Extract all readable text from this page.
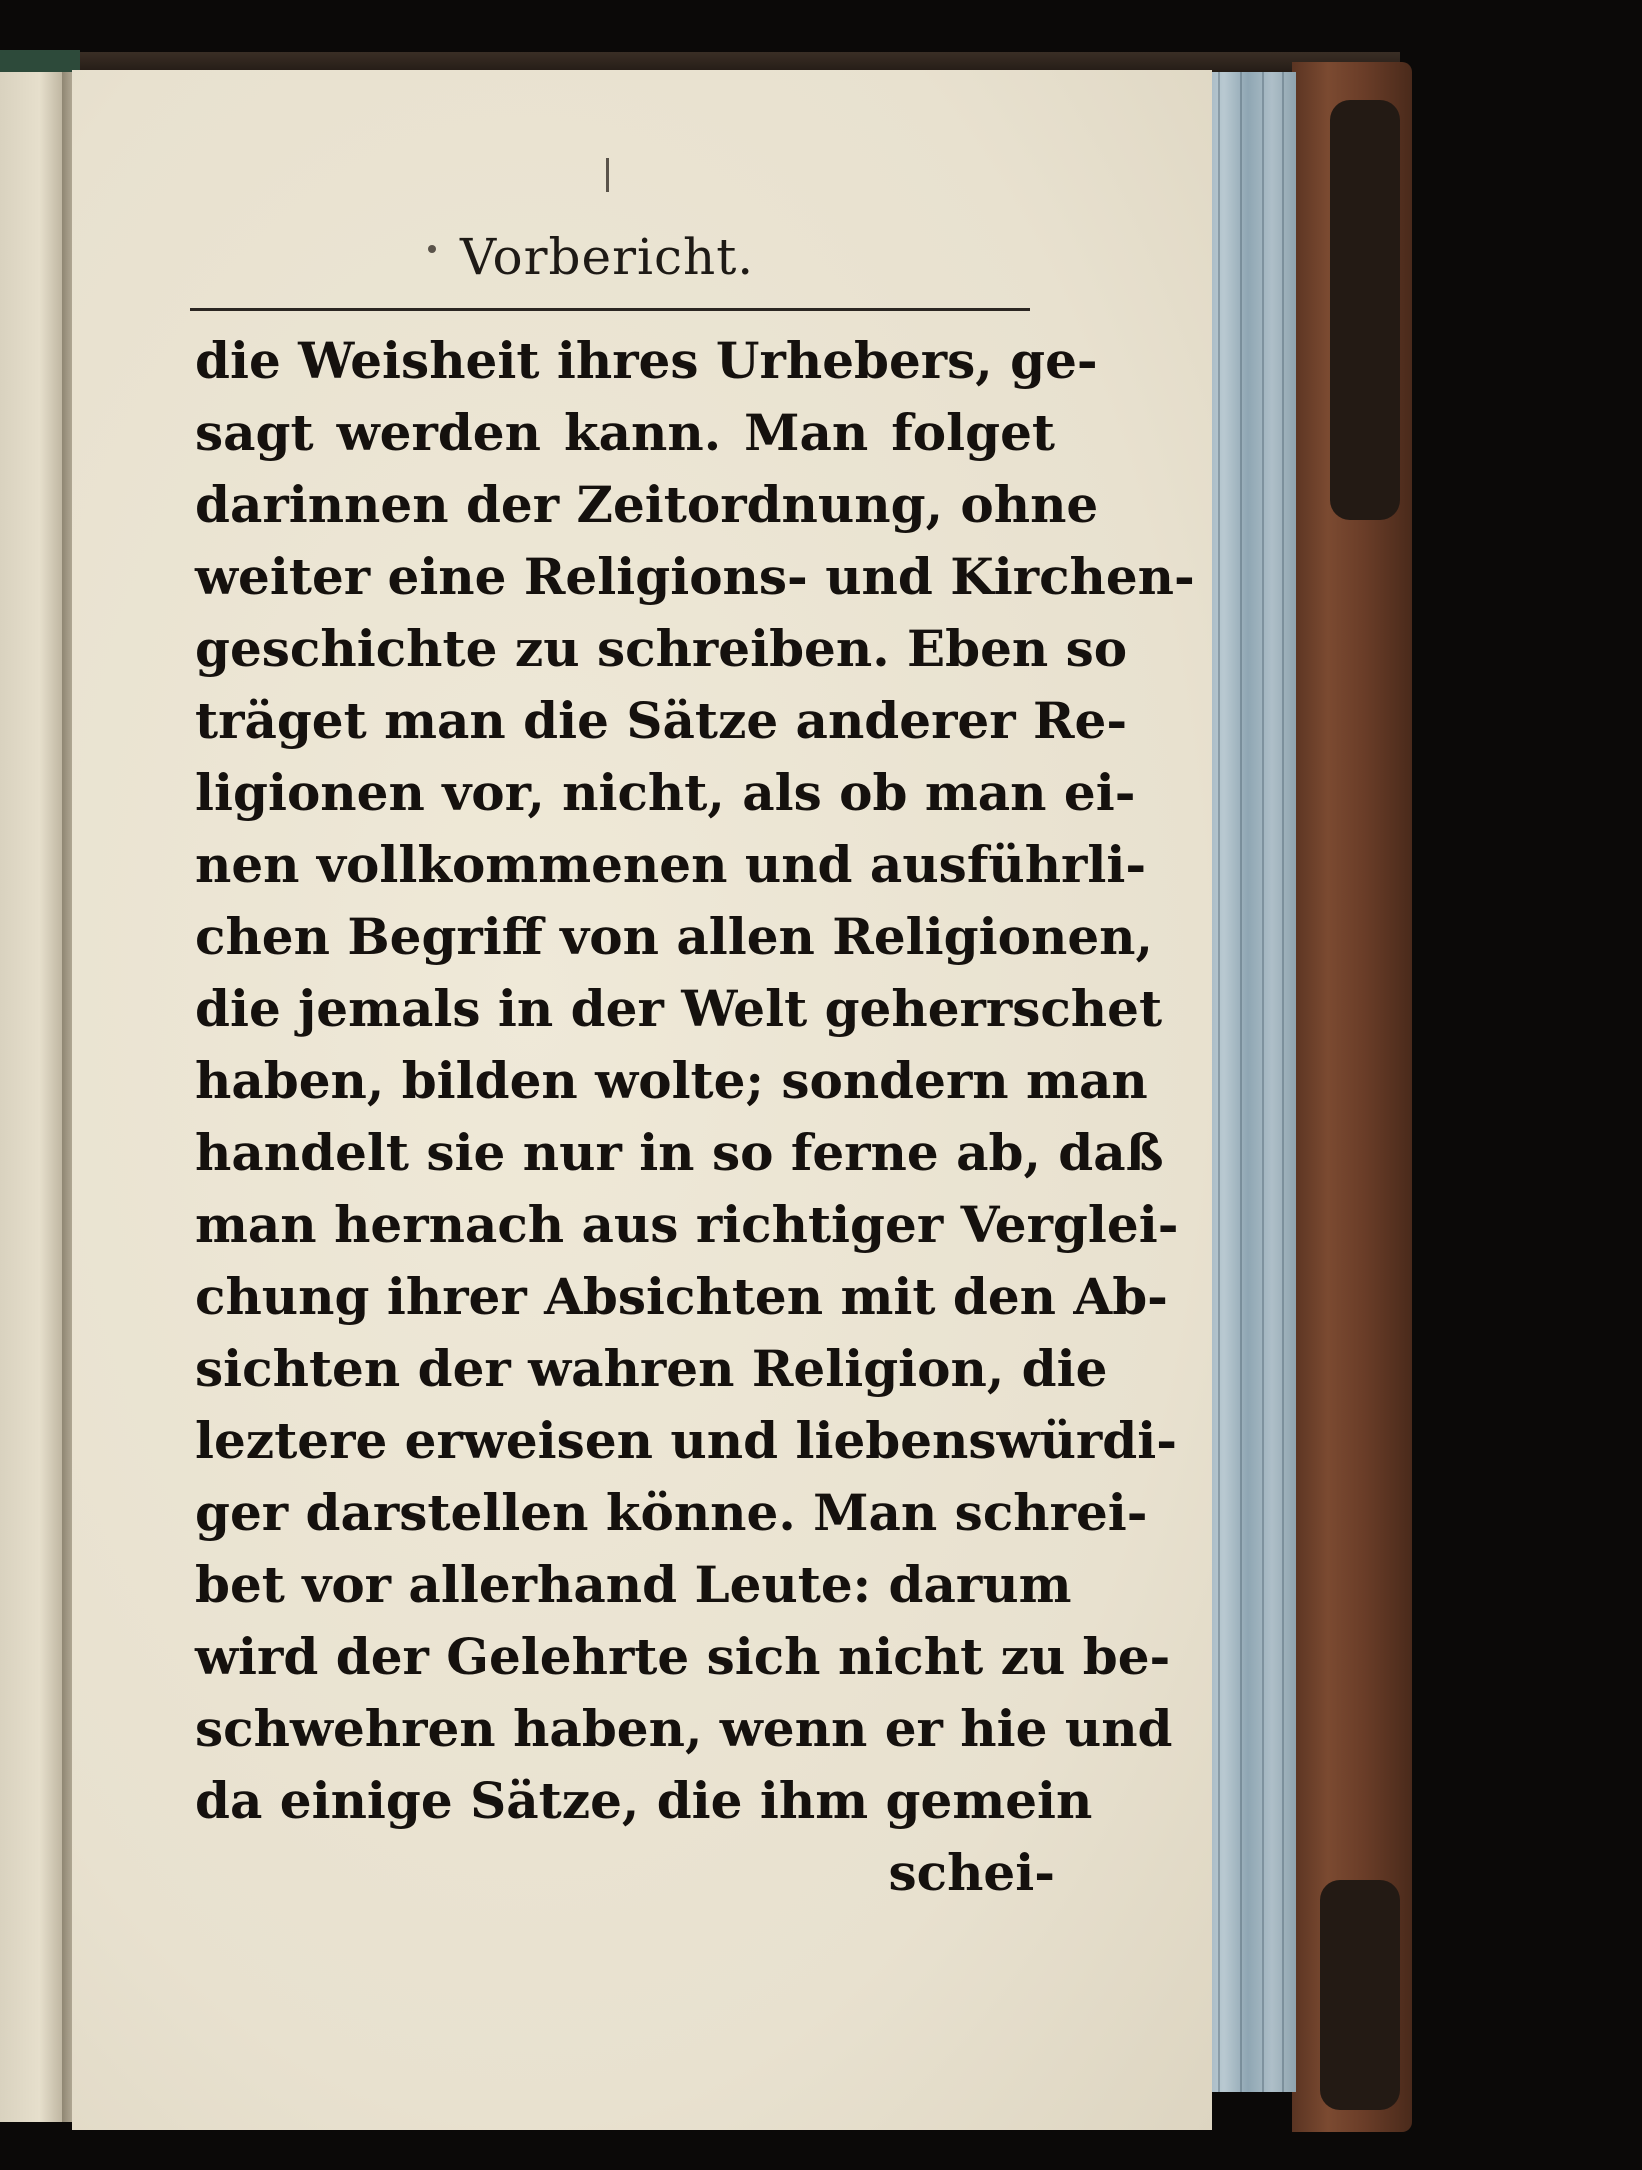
Vorbericht.
die Weisheit ihres Urhebers, ge-
sagt werden kann. Man folget
darinnen der Zeitordnung, ohne
weiter eine Religions- und Kirchen-
geschichte zu schreiben. Eben so
träget man die Sätze anderer Re-
ligionen vor, nicht, als ob man ei-
nen vollkommenen und ausführli-
chen Begriff von allen Religionen,
die jemals in der Welt geherrschet
haben, bilden wolte; sondern man
handelt sie nur in so ferne ab, daß
man hernach aus richtiger Verglei-
chung ihrer Absichten mit den Ab-
sichten der wahren Religion, die
leztere erweisen und liebenswürdi-
ger darstellen könne. Man schrei-
bet vor allerhand Leute: darum
wird der Gelehrte sich nicht zu be-
schwehren haben, wenn er hie und
da einige Sätze, die ihm gemein
schei-
